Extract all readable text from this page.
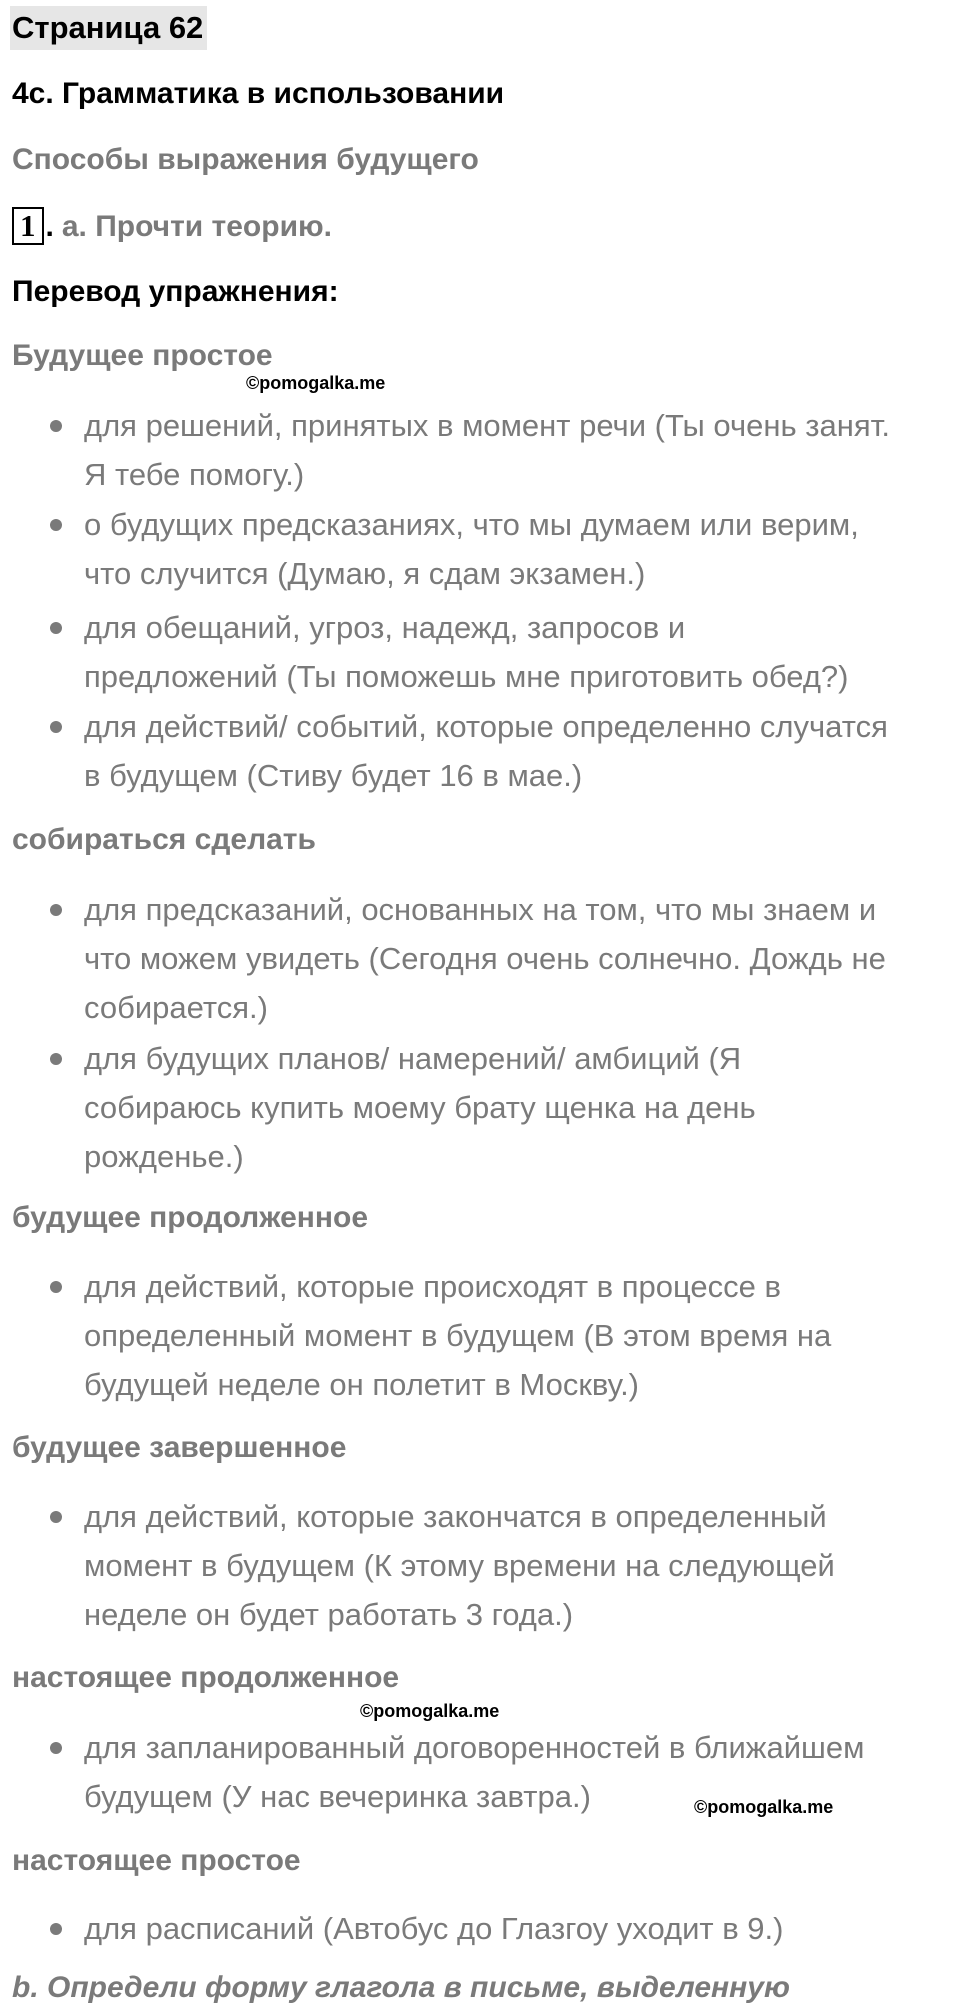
Страница 62
4c. Грамматика в использовании
Способы выражения будущего
1 . a. Прочти теорию.
Перевод упражнения:
Будущее простое
©pomogalka.me
для решений, принятых в момент речи (Ты очень занят.
Я тебе помогу.)
о будущих предсказаниях, что мы думаем или верим,
что случится (Думаю, я сдам экзамен.)
для обещаний, угроз, надежд, запросов и
предложений (Ты поможешь мне приготовить обед?)
для действий/ событий, которые определенно случатся
в будущем (Стиву будет 16 в мае.)
собираться сделать
для предсказаний, основанных на том, что мы знаем и
что можем увидеть (Сегодня очень солнечно. Дождь не
собирается.)
для будущих планов/ намерений/ амбиций (Я
собираюсь купить моему брату щенка на день
рожденье.)
будущее продолженное
для действий, которые происходят в процессе в
определенный момент в будущем (В этом время на
будущей неделе он полетит в Москву.)
будущее завершенное
для действий, которые закончатся в определенный
момент в будущем (К этому времени на следующей
неделе он будет работать 3 года.)
настоящее продолженное
©pomogalka.me
для запланированный договоренностей в ближайшем
будущем (У нас вечеринка завтра.)	©pomogalka.me
настоящее простое
для расписаний (Автобус до Глазгоу уходит в 9.)
b. Определи форму глагола в письме, выделенную
